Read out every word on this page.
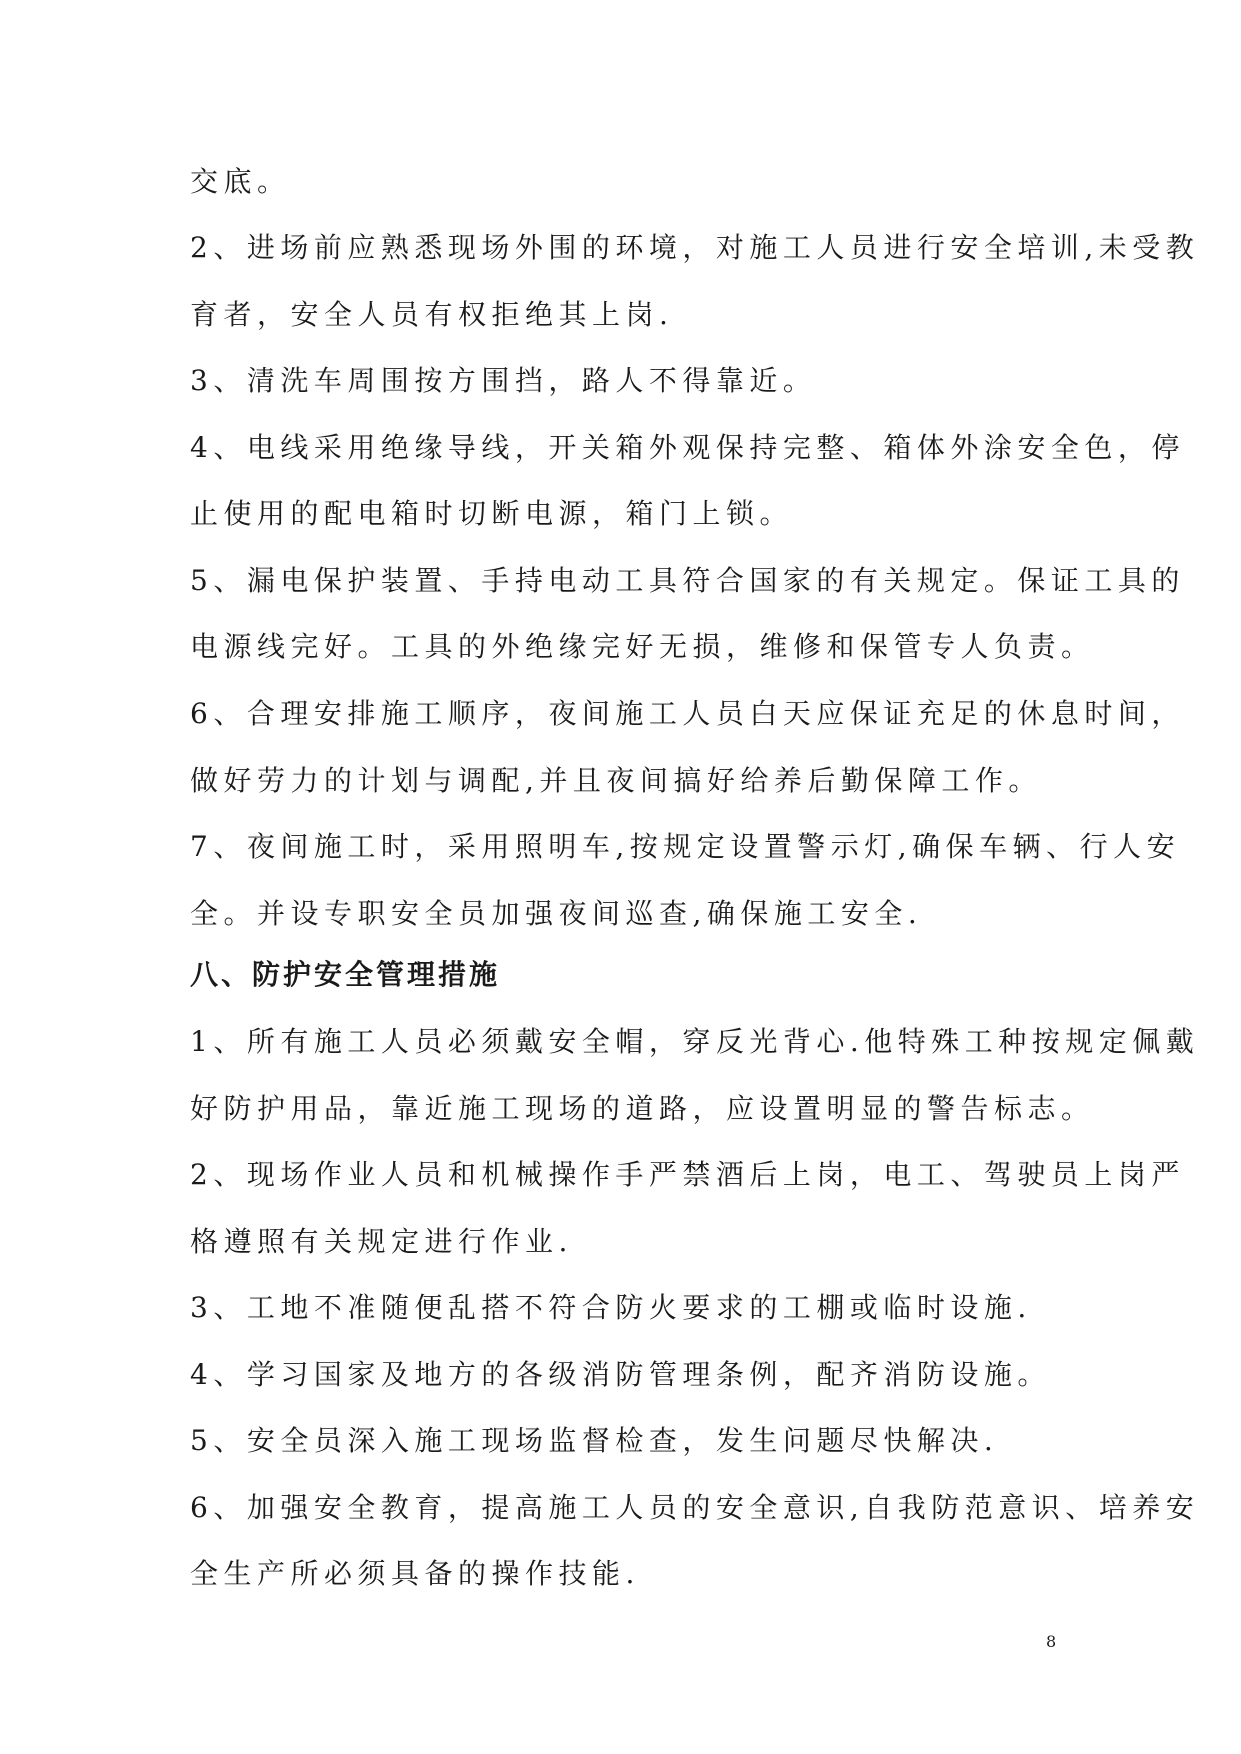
交底。
2、进场前应熟悉现场外围的环境，对施工人员进行安全培训,未受教
育者，安全人员有权拒绝其上岗.
3、清洗车周围按方围挡，路人不得靠近。
4、电线采用绝缘导线，开关箱外观保持完整、箱体外涂安全色，停
止使用的配电箱时切断电源，箱门上锁。
5、漏电保护装置、手持电动工具符合国家的有关规定。保证工具的
电源线完好。工具的外绝缘完好无损，维修和保管专人负责。
6、合理安排施工顺序，夜间施工人员白天应保证充足的休息时间，
做好劳力的计划与调配,并且夜间搞好给养后勤保障工作。
7、夜间施工时，采用照明车,按规定设置警示灯,确保车辆、行人安
全。并设专职安全员加强夜间巡查,确保施工安全.
八、防护安全管理措施
1、所有施工人员必须戴安全帽，穿反光背心.他特殊工种按规定佩戴
好防护用品，靠近施工现场的道路，应设置明显的警告标志。
2、现场作业人员和机械操作手严禁酒后上岗，电工、驾驶员上岗严
格遵照有关规定进行作业.
3、工地不准随便乱搭不符合防火要求的工棚或临时设施.
4、学习国家及地方的各级消防管理条例，配齐消防设施。
5、安全员深入施工现场监督检查，发生问题尽快解决.
6、加强安全教育，提高施工人员的安全意识,自我防范意识、培养安
全生产所必须具备的操作技能.
8
